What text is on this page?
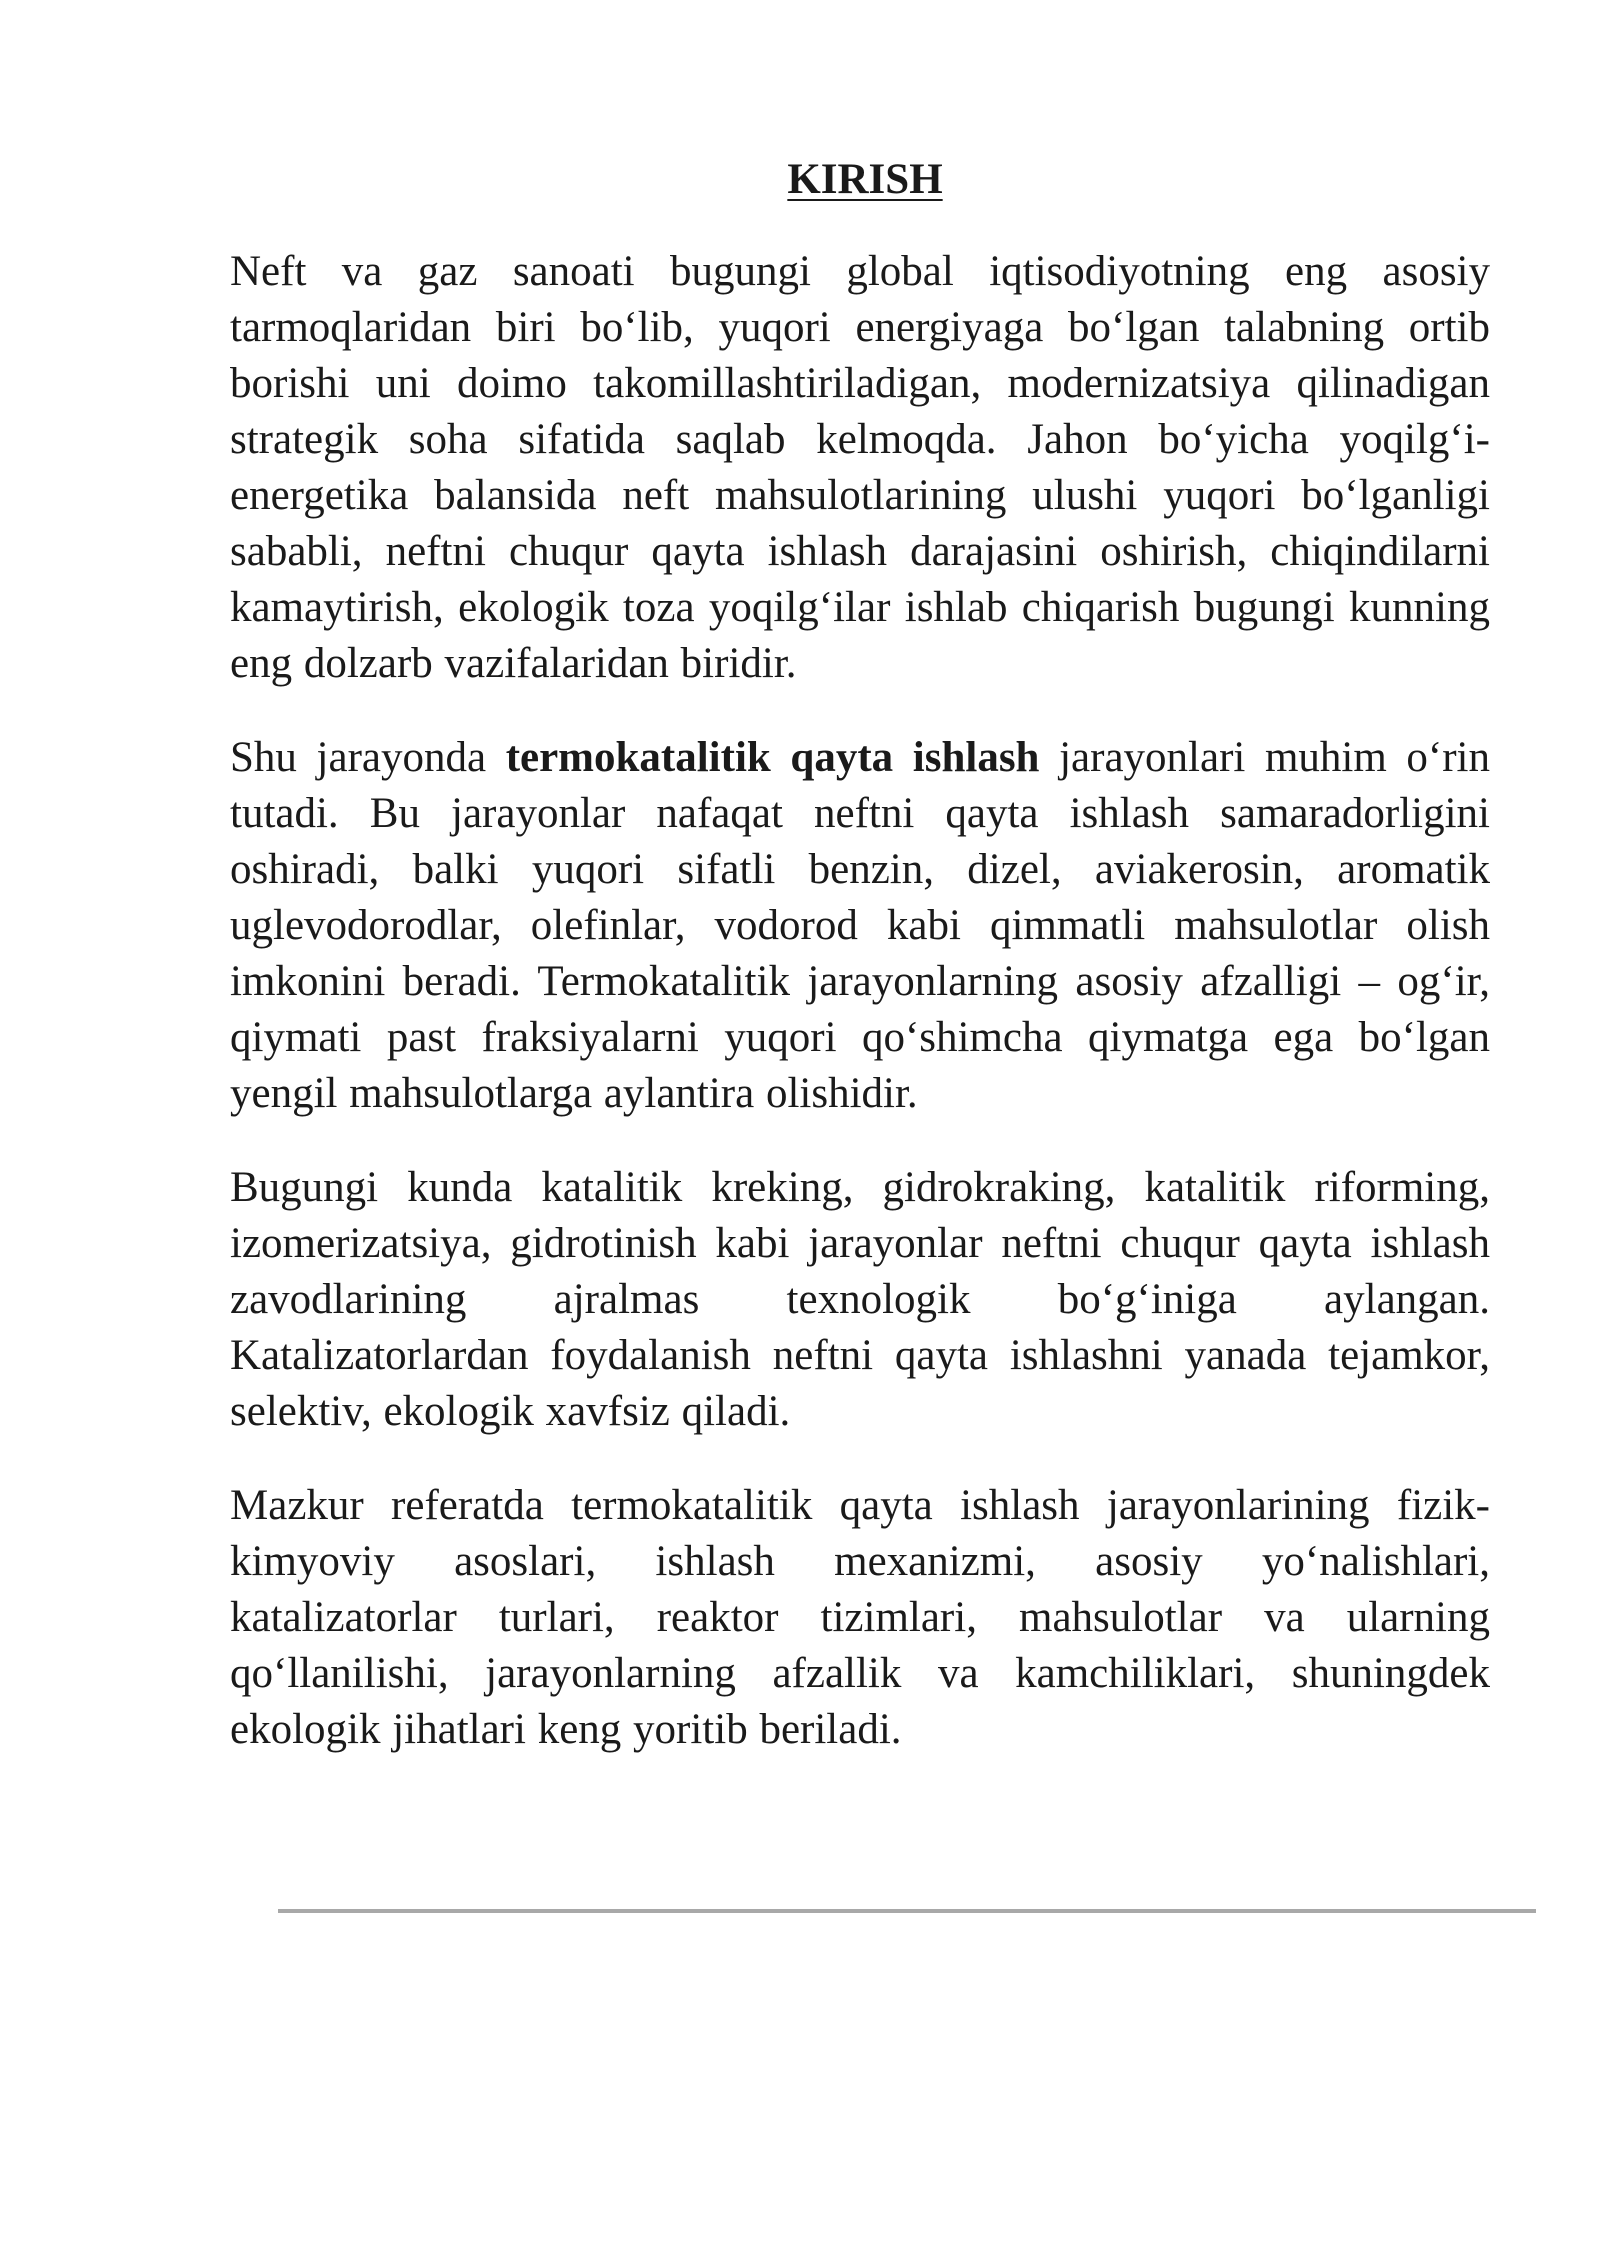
KIRISH

Neft va gaz sanoati bugungi global iqtisodiyotning eng asosiy tarmoqlaridan biri bo‘lib, yuqori energiyaga bo‘lgan talabning ortib borishi uni doimo takomillashtiriladigan, modernizatsiya qilinadigan strategik soha sifatida saqlab kelmoqda. Jahon bo‘yicha yoqilg‘i-energetika balansida neft mahsulotlarining ulushi yuqori bo‘lganligi sababli, neftni chuqur qayta ishlash darajasini oshirish, chiqindilarni kamaytirish, ekologik toza yoqilg‘ilar ishlab chiqarish bugungi kunning eng dolzarb vazifalaridan biridir.

Shu jarayonda termokatalitik qayta ishlash jarayonlari muhim o‘rin tutadi. Bu jarayonlar nafaqat neftni qayta ishlash samaradorligini oshiradi, balki yuqori sifatli benzin, dizel, aviakerosin, aromatik uglevodorodlar, olefinlar, vodorod kabi qimmatli mahsulotlar olish imkonini beradi. Termokatalitik jarayonlarning asosiy afzalligi – og‘ir, qiymati past fraksiyalarni yuqori qo‘shimcha qiymatga ega bo‘lgan yengil mahsulotlarga aylantira olishidir.

Bugungi kunda katalitik kreking, gidrokraking, katalitik riforming, izomerizatsiya, gidrotinish kabi jarayonlar neftni chuqur qayta ishlash zavodlarining ajralmas texnologik bo‘g‘iniga aylangan. Katalizatorlardan foydalanish neftni qayta ishlashni yanada tejamkor, selektiv, ekologik xavfsiz qiladi.

Mazkur referatda termokatalitik qayta ishlash jarayonlarining fizik-kimyoviy asoslari, ishlash mexanizmi, asosiy yo‘nalishlari, katalizatorlar turlari, reaktor tizimlari, mahsulotlar va ularning qo‘llanilishi, jarayonlarning afzallik va kamchiliklari, shuningdek ekologik jihatlari keng yoritib beriladi.
